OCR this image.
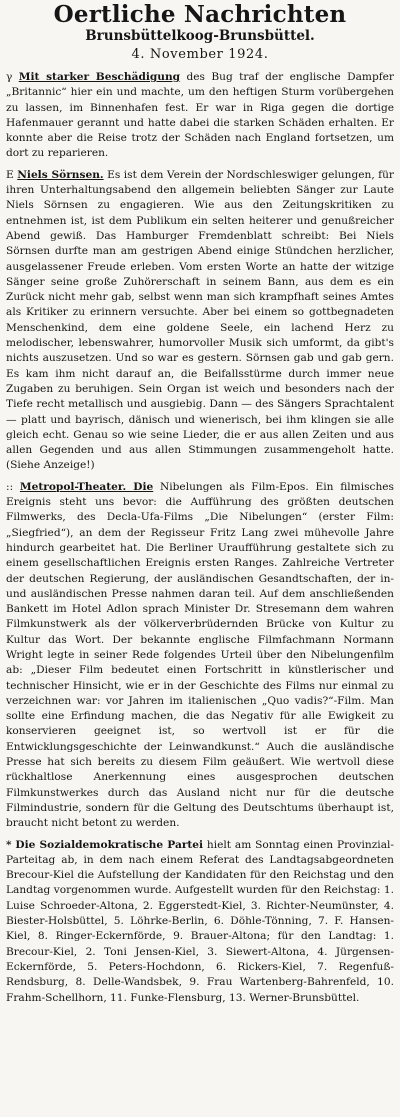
Oertliche Nachrichten
Brunsbüttelkoog-Brunsbüttel.
4. November 1924.

γ Mit starker Beschädigung des Bug traf der englische Dampfer „Britannic“ hier ein und machte, um den heftigen Sturm vorübergehen zu lassen, im Binnenhafen fest. Er war in Riga gegen die dortige Hafenmauer gerannt und hatte dabei die starken Schäden erhalten. Er konnte aber die Reise trotz der Schäden nach England fortsetzen, um dort zu reparieren.

E Niels Sörnsen. Es ist dem Verein der Nordschleswiger gelungen, für ihren Unterhaltungsabend den allgemein beliebten Sänger zur Laute Niels Sörnsen zu engagieren. Wie aus den Zeitungskritiken zu entnehmen ist, ist dem Publikum ein selten heiterer und genußreicher Abend gewiß. Das Hamburger Fremdenblatt schreibt: Bei Niels Sörnsen durfte man am gestrigen Abend einige Stündchen herzlicher, ausgelassener Freude erleben. Vom ersten Worte an hatte der witzige Sänger seine große Zuhörerschaft in seinem Bann, aus dem es ein Zurück nicht mehr gab, selbst wenn man sich krampfhaft seines Amtes als Kritiker zu erinnern versuchte. Aber bei einem so gottbegnadeten Menschenkind, dem eine goldene Seele, ein lachend Herz zu melodischer, lebenswahrer, humorvoller Musik sich umformt, da gibt's nichts auszusetzen. Und so war es gestern. Sörnsen gab und gab gern. Es kam ihm nicht darauf an, die Beifallsstürme durch immer neue Zugaben zu beruhigen. Sein Organ ist weich und besonders nach der Tiefe recht metallisch und ausgiebig. Dann — des Sängers Sprachtalent — platt und bayrisch, dänisch und wienerisch, bei ihm klingen sie alle gleich echt. Genau so wie seine Lieder, die er aus allen Zeiten und aus allen Gegenden und aus allen Stimmungen zusammengeholt hatte. (Siehe Anzeige!)

:: Metropol-Theater. Die Nibelungen als Film-Epos. Ein filmisches Ereignis steht uns bevor: die Aufführung des größten deutschen Filmwerks, des Decla-Ufa-Films „Die Nibelungen“ (erster Film: „Siegfried“), an dem der Regisseur Fritz Lang zwei mühevolle Jahre hindurch gearbeitet hat. Die Berliner Uraufführung gestaltete sich zu einem gesellschaftlichen Ereignis ersten Ranges. Zahlreiche Vertreter der deutschen Regierung, der ausländischen Gesandtschaften, der in- und ausländischen Presse nahmen daran teil. Auf dem anschließenden Bankett im Hotel Adlon sprach Minister Dr. Stresemann dem wahren Filmkunstwerk als der völkerverbrüdernden Brücke von Kultur zu Kultur das Wort. Der bekannte englische Filmfachmann Normann Wright legte in seiner Rede folgendes Urteil über den Nibelungenfilm ab: „Dieser Film bedeutet einen Fortschritt in künstlerischer und technischer Hinsicht, wie er in der Geschichte des Films nur einmal zu verzeichnen war: vor Jahren im italienischen „Quo vadis?“-Film. Man sollte eine Erfindung machen, die das Negativ für alle Ewigkeit zu konservieren geeignet ist, so wertvoll ist er für die Entwicklungsgeschichte der Leinwandkunst.“ Auch die ausländische Presse hat sich bereits zu diesem Film geäußert. Wie wertvoll diese rückhaltlose Anerkennung eines ausgesprochen deutschen Filmkunstwerkes durch das Ausland nicht nur für die deutsche Filmindustrie, sondern für die Geltung des Deutschtums überhaupt ist, braucht nicht betont zu werden.

* Die Sozialdemokratische Partei hielt am Sonntag einen Provinzial-Parteitag ab, in dem nach einem Referat des Landtagsabgeordneten Brecour-Kiel die Aufstellung der Kandidaten für den Reichstag und den Landtag vorgenommen wurde. Aufgestellt wurden für den Reichstag: 1. Luise Schroeder-Altona, 2. Eggerstedt-Kiel, 3. Richter-Neumünster, 4. Biester-Holsbüttel, 5. Löhrke-Berlin, 6. Döhle-Tönning, 7. F. Hansen-Kiel, 8. Ringer-Eckernförde, 9. Brauer-Altona; für den Landtag: 1. Brecour-Kiel, 2. Toni Jensen-Kiel, 3. Siewert-Altona, 4. Jürgensen-Eckernförde, 5. Peters-Hochdonn, 6. Rickers-Kiel, 7. Regenfuß-Rendsburg, 8. Delle-Wandsbek, 9. Frau Wartenberg-Bahrenfeld, 10. Frahm-Schellhorn, 11. Funke-Flensburg, 13. Werner-Brunsbüttel.
